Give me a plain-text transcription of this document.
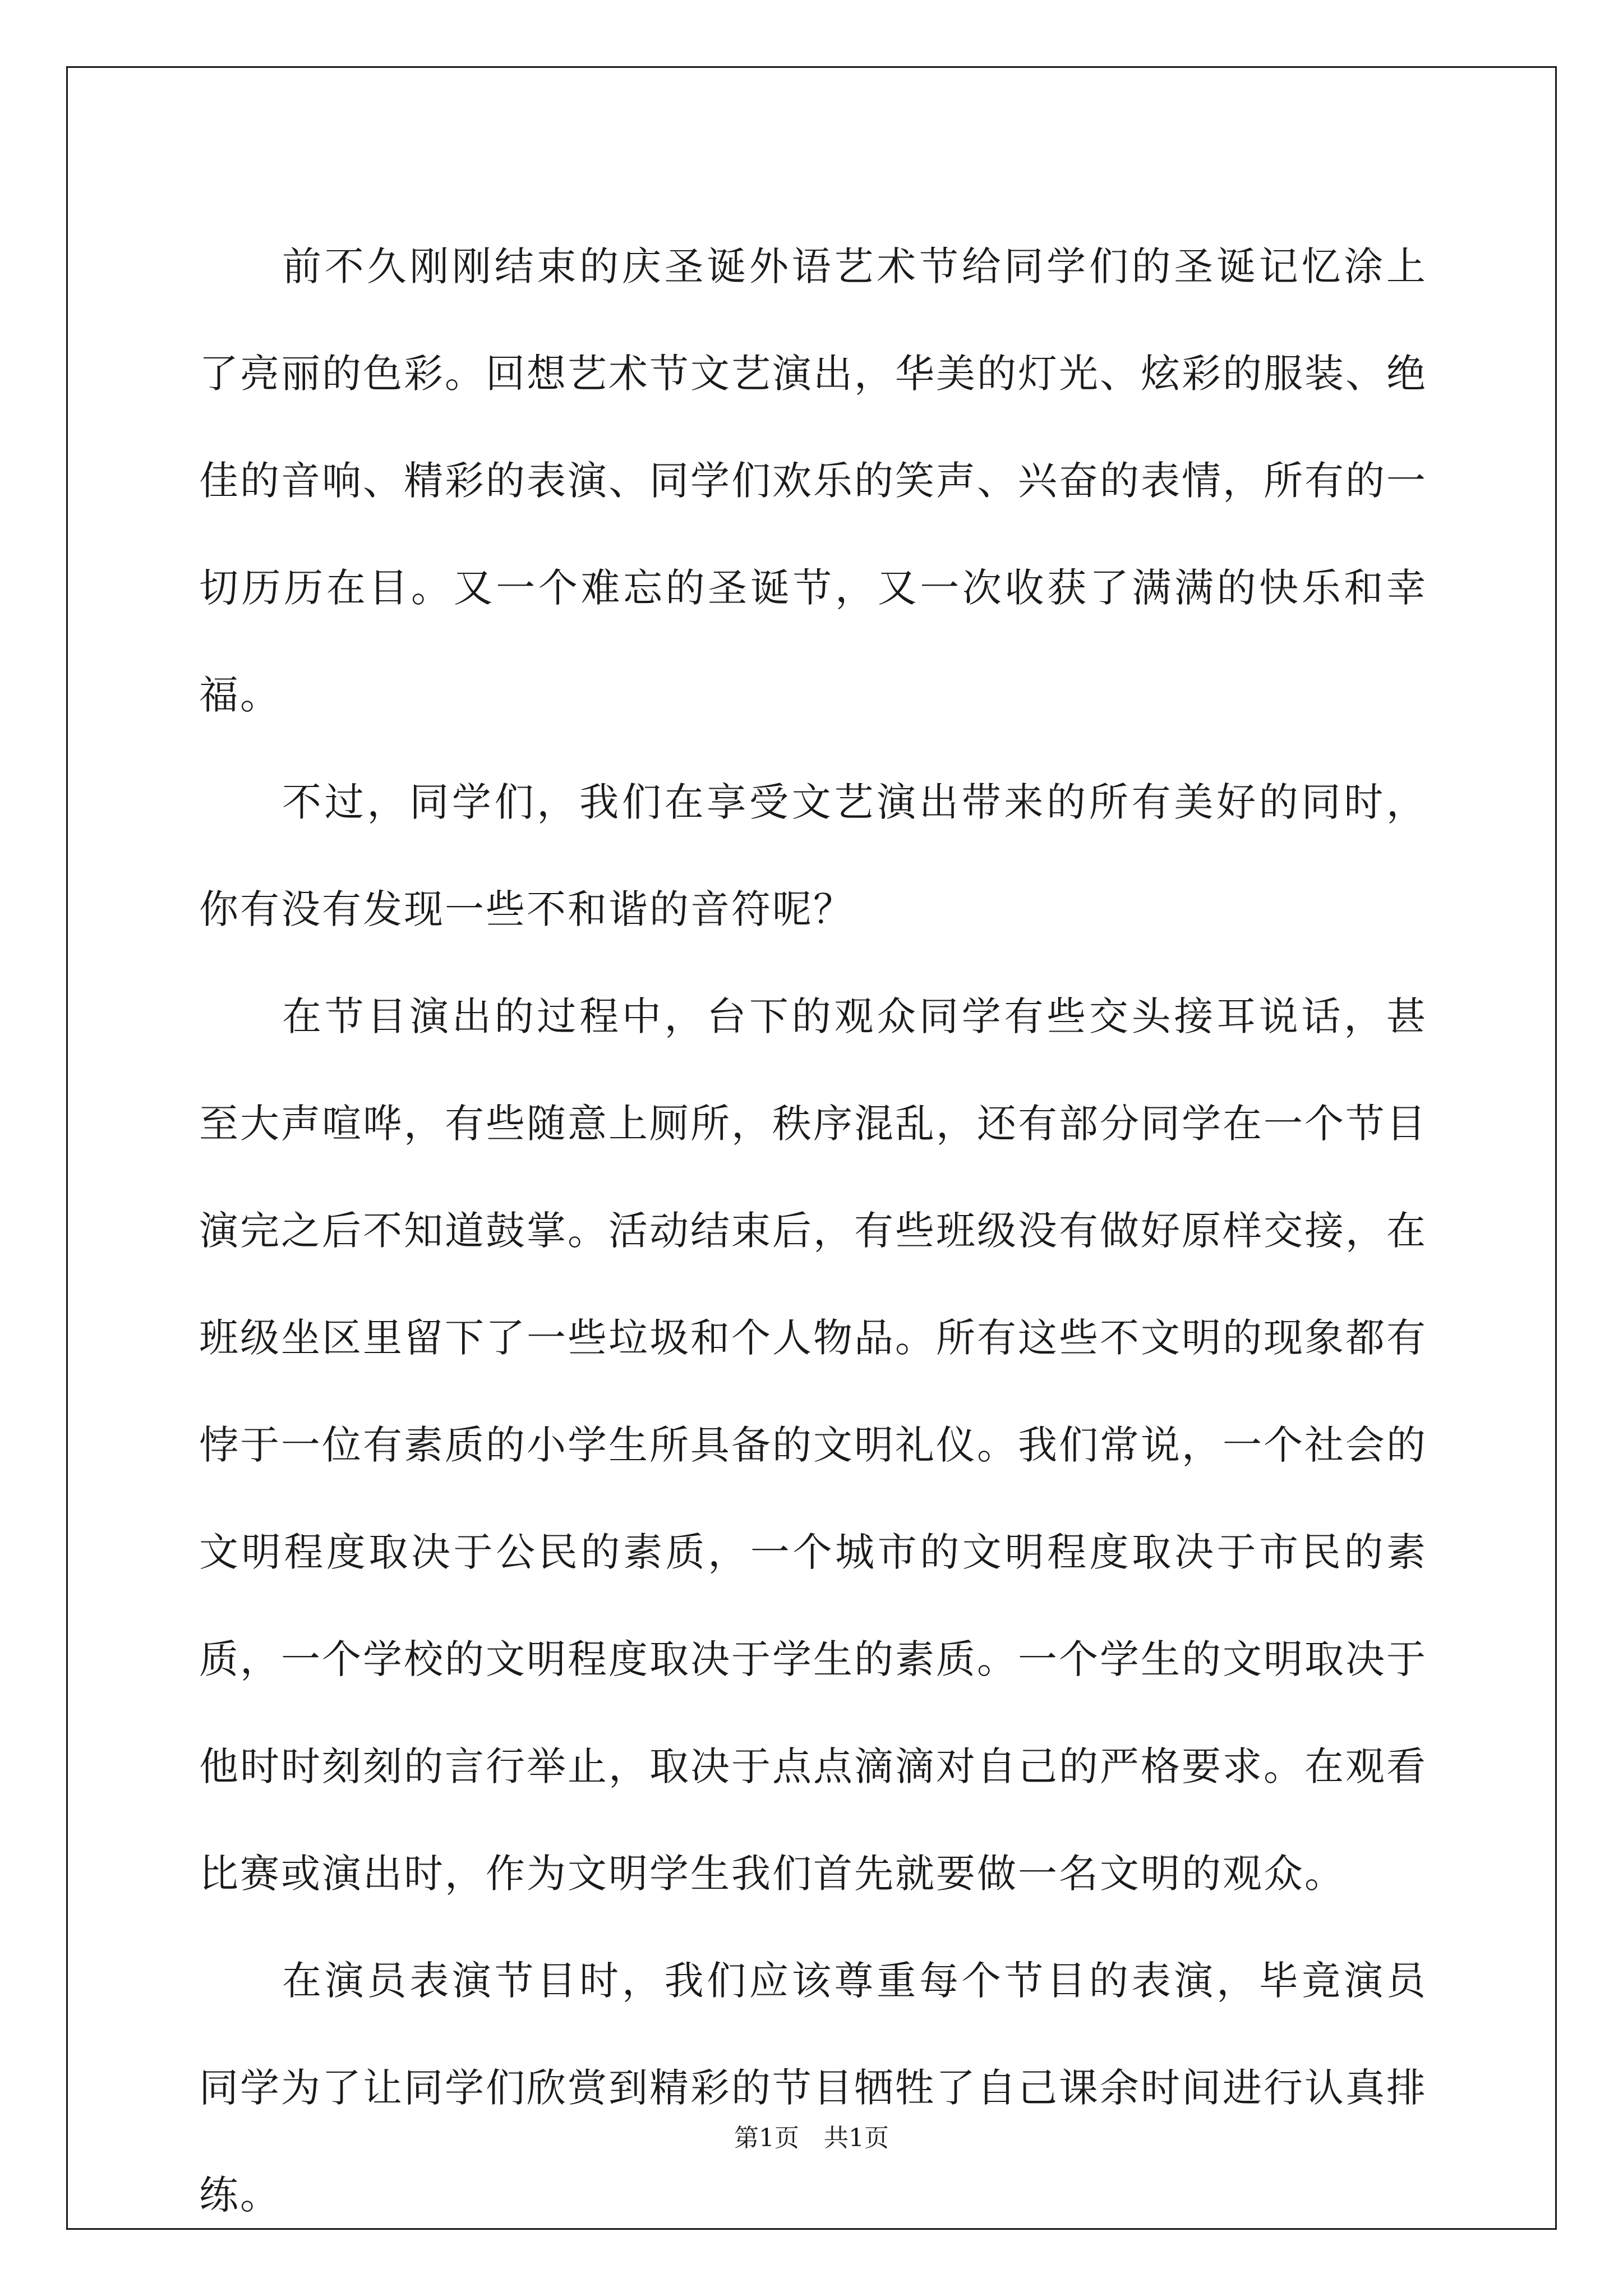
前不久刚刚结束的庆圣诞外语艺术节给同学们的圣诞记忆涂上了亮丽的色彩。回想艺术节文艺演出，华美的灯光、炫彩的服装、绝佳的音响、精彩的表演、同学们欢乐的笑声、兴奋的表情，所有的一切历历在目。又一个难忘的圣诞节，又一次收获了满满的快乐和幸福。

不过，同学们，我们在享受文艺演出带来的所有美好的同时，你有没有发现一些不和谐的音符呢？

在节目演出的过程中，台下的观众同学有些交头接耳说话，甚至大声喧哗，有些随意上厕所，秩序混乱，还有部分同学在一个节目演完之后不知道鼓掌。活动结束后，有些班级没有做好原样交接，在班级坐区里留下了一些垃圾和个人物品。所有这些不文明的现象都有悖于一位有素质的小学生所具备的文明礼仪。我们常说，一个社会的文明程度取决于公民的素质，一个城市的文明程度取决于市民的素质，一个学校的文明程度取决于学生的素质。一个学生的文明取决于他时时刻刻的言行举止，取决于点点滴滴对自己的严格要求。在观看比赛或演出时，作为文明学生我们首先就要做一名文明的观众。

在演员表演节目时，我们应该尊重每个节目的表演，毕竟演员同学为了让同学们欣赏到精彩的节目牺牲了自己课余时间进行认真排练。

第1页 共1页
